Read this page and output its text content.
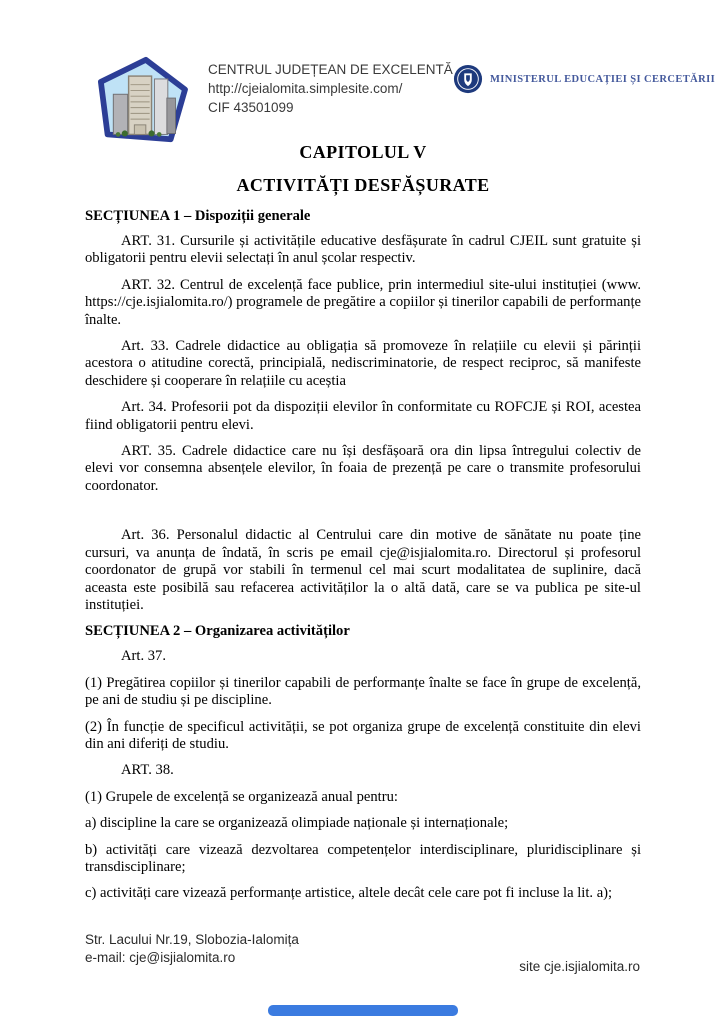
CENTRUL JUDEȚEAN DE EXCELENTĂ
http://cjeialomita.simplesite.com/
CIF 43501099
MINISTERUL EDUCAȚIEI ȘI CERCETĂRII
CAPITOLUL V
ACTIVITĂȚI DESFĂȘURATE
SECȚIUNEA 1 – Dispoziții generale

ART. 31. Cursurile și activitățile educative desfășurate în cadrul CJEIL sunt gratuite și obligatorii pentru elevii selectați în anul școlar respectiv.

ART. 32. Centrul de excelență face publice, prin intermediul site-ului instituției (www. https://cje.isjialomita.ro/) programele de pregătire a copiilor și tinerilor capabili de performanțe înalte.

Art. 33. Cadrele didactice au obligația să promoveze în relațiile cu elevii și părinții acestora o atitudine corectă, principială, nediscriminatorie, de respect reciproc, să manifeste deschidere și cooperare în relațiile cu aceștia

Art. 34. Profesorii pot da dispoziții elevilor în conformitate cu ROFCJE și ROI, acestea fiind obligatorii pentru elevi.

ART. 35. Cadrele didactice care nu își desfășoară ora din lipsa întregului colectiv de elevi vor consemna absențele elevilor, în foaia de prezență pe care o transmite profesorului coordonator.

Art. 36. Personalul didactic al Centrului care din motive de sănătate nu poate ține cursuri, va anunța de îndată, în scris pe email cje@isjialomita.ro. Directorul și profesorul coordonator de grupă vor stabili în termenul cel mai scurt modalitatea de suplinire, dacă aceasta este posibilă sau refacerea activităților la o altă dată, care se va publica pe site-ul instituției.

SECȚIUNEA 2 – Organizarea activităților

Art. 37.

(1) Pregătirea copiilor și tinerilor capabili de performanțe înalte se face în grupe de excelență, pe ani de studiu și pe discipline.

(2) În funcție de specificul activității, se pot organiza grupe de excelență constituite din elevi din ani diferiți de studiu.

ART. 38.

(1) Grupele de excelență se organizează anual pentru:

a) discipline la care se organizează olimpiade naționale și internaționale;

b) activități care vizează dezvoltarea competențelor interdisciplinare, pluridisciplinare și transdisciplinare;

c) activități care vizează performanțe artistice, altele decât cele care pot fi incluse la lit. a);

Str. Lacului Nr.19, Slobozia-Ialomița
e-mail: cje@isjialomita.ro
site cje.isjialomita.ro
